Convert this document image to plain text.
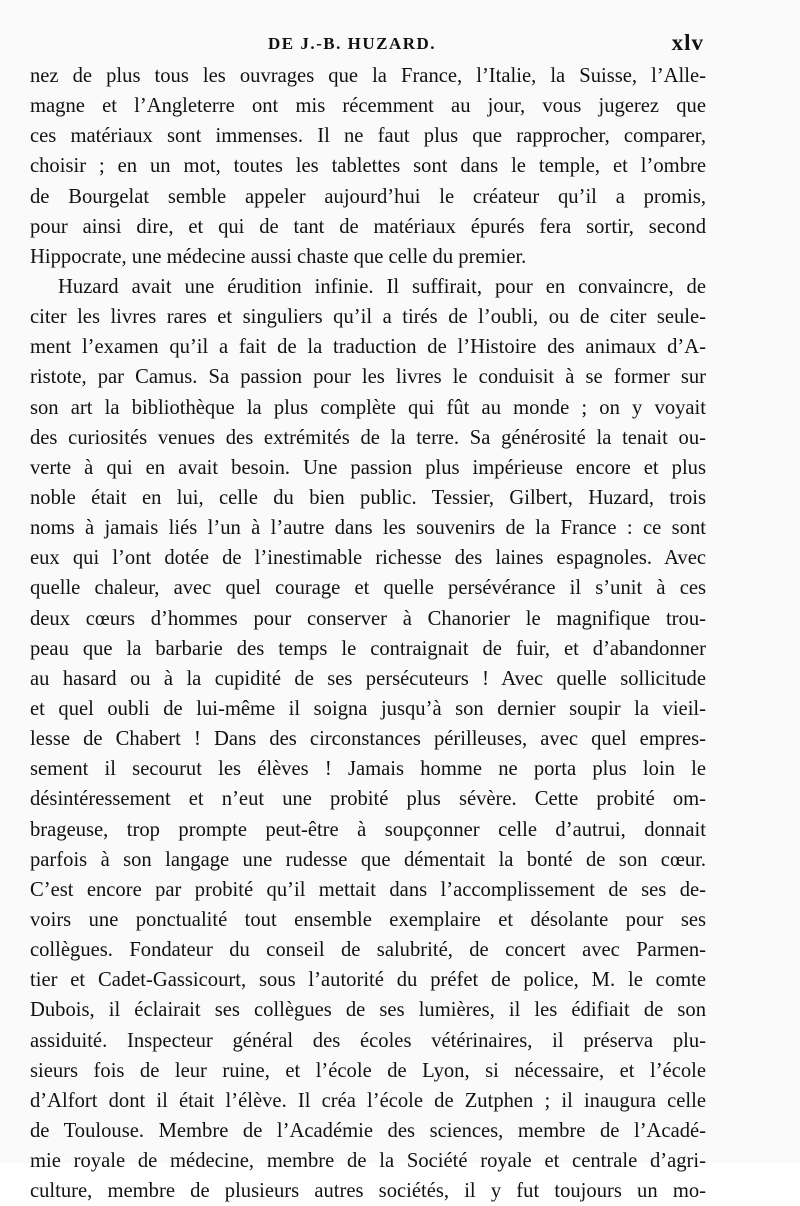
DE J.-B. HUZARD.	xlv
nez de plus tous les ouvrages que la France, l’Italie, la Suisse, l’Alle-
magne et l’Angleterre ont mis récemment au jour, vous jugerez que
ces matériaux sont immenses. Il ne faut plus que rapprocher, comparer,
choisir ; en un mot, toutes les tablettes sont dans le temple, et l’ombre
de Bourgelat semble appeler aujourd’hui le créateur qu’il a promis,
pour ainsi dire, et qui de tant de matériaux épurés fera sortir, second
Hippocrate, une médecine aussi chaste que celle du premier.
Huzard avait une érudition infinie. Il suffirait, pour en convaincre, de
citer les livres rares et singuliers qu’il a tirés de l’oubli, ou de citer seule-
ment l’examen qu’il a fait de la traduction de l’Histoire des animaux d’A-
ristote, par Camus. Sa passion pour les livres le conduisit à se former sur
son art la bibliothèque la plus complète qui fût au monde ; on y voyait
des curiosités venues des extrémités de la terre. Sa générosité la tenait ou-
verte à qui en avait besoin. Une passion plus impérieuse encore et plus
noble était en lui, celle du bien public. Tessier, Gilbert, Huzard, trois
noms à jamais liés l’un à l’autre dans les souvenirs de la France : ce sont
eux qui l’ont dotée de l’inestimable richesse des laines espagnoles. Avec
quelle chaleur, avec quel courage et quelle persévérance il s’unit à ces
deux cœurs d’hommes pour conserver à Chanorier le magnifique trou-
peau que la barbarie des temps le contraignait de fuir, et d’abandonner
au hasard ou à la cupidité de ses persécuteurs ! Avec quelle sollicitude
et quel oubli de lui-même il soigna jusqu’à son dernier soupir la vieil-
lesse de Chabert ! Dans des circonstances périlleuses, avec quel empres-
sement il secourut les élèves ! Jamais homme ne porta plus loin le
désintéressement et n’eut une probité plus sévère. Cette probité om-
brageuse, trop prompte peut-être à soupçonner celle d’autrui, donnait
parfois à son langage une rudesse que démentait la bonté de son cœur.
C’est encore par probité qu’il mettait dans l’accomplissement de ses de-
voirs une ponctualité tout ensemble exemplaire et désolante pour ses
collègues. Fondateur du conseil de salubrité, de concert avec Parmen-
tier et Cadet-Gassicourt, sous l’autorité du préfet de police, M. le comte
Dubois, il éclairait ses collègues de ses lumières, il les édifiait de son
assiduité. Inspecteur général des écoles vétérinaires, il préserva plu-
sieurs fois de leur ruine, et l’école de Lyon, si nécessaire, et l’école
d’Alfort dont il était l’élève. Il créa l’école de Zutphen ; il inaugura celle
de Toulouse. Membre de l’Académie des sciences, membre de l’Acadé-
mie royale de médecine, membre de la Société royale et centrale d’agri-
culture, membre de plusieurs autres sociétés, il y fut toujours un mo-
